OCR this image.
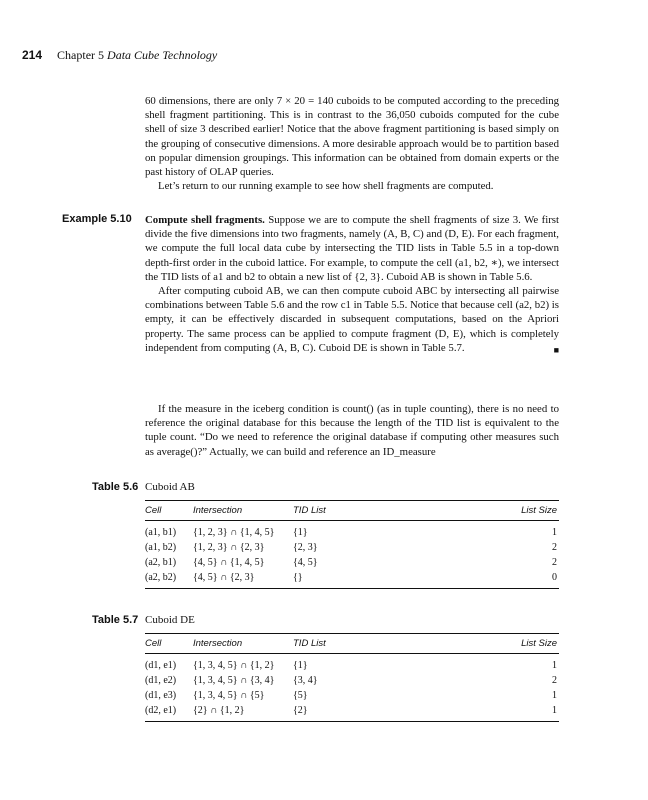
214 Chapter 5 Data Cube Technology

60 dimensions, there are only 7 × 20 = 140 cuboids to be computed according to the preceding shell fragment partitioning. This is in contrast to the 36,050 cuboids computed for the cube shell of size 3 described earlier! Notice that the above fragment partitioning is based simply on the grouping of consecutive dimensions. A more desirable approach would be to partition based on popular dimension groupings. This information can be obtained from domain experts or the past history of OLAP queries.

Let’s return to our running example to see how shell fragments are computed.

Example 5.10 Compute shell fragments. Suppose we are to compute the shell fragments of size 3. We first divide the five dimensions into two fragments, namely (A, B, C) and (D, E). For each fragment, we compute the full local data cube by intersecting the TID lists in Table 5.5 in a top-down depth-first order in the cuboid lattice. For example, to compute the cell (a1, b2, ∗), we intersect the TID lists of a1 and b2 to obtain a new list of {2, 3}. Cuboid AB is shown in Table 5.6.

After computing cuboid AB, we can then compute cuboid ABC by intersecting all pairwise combinations between Table 5.6 and the row c1 in Table 5.5. Notice that because cell (a2, b2) is empty, it can be effectively discarded in subsequent computations, based on the Apriori property. The same process can be applied to compute fragment (D, E), which is completely independent from computing (A, B, C). Cuboid DE is shown in Table 5.7.	■

If the measure in the iceberg condition is count() (as in tuple counting), there is no need to reference the original database for this because the length of the TID list is equivalent to the tuple count. “Do we need to reference the original database if computing other measures such as average()?” Actually, we can build and reference an ID_measure

Table 5.6 Cuboid AB
Cell	Intersection	TID List	List Size
(a1, b1)	{1, 2, 3} ∩ {1, 4, 5}	{1}	1
(a1, b2)	{1, 2, 3} ∩ {2, 3}	{2, 3}	2
(a2, b1)	{4, 5} ∩ {1, 4, 5}	{4, 5}	2
(a2, b2)	{4, 5} ∩ {2, 3}	{}	0
Table 5.7 Cuboid DE
Cell	Intersection	TID List	List Size
(d1, e1)	{1, 3, 4, 5} ∩ {1, 2}	{1}	1
(d1, e2)	{1, 3, 4, 5} ∩ {3, 4}	{3, 4}	2
(d1, e3)	{1, 3, 4, 5} ∩ {5}	{5}	1
(d2, e1)	{2} ∩ {1, 2}	{2}	1
